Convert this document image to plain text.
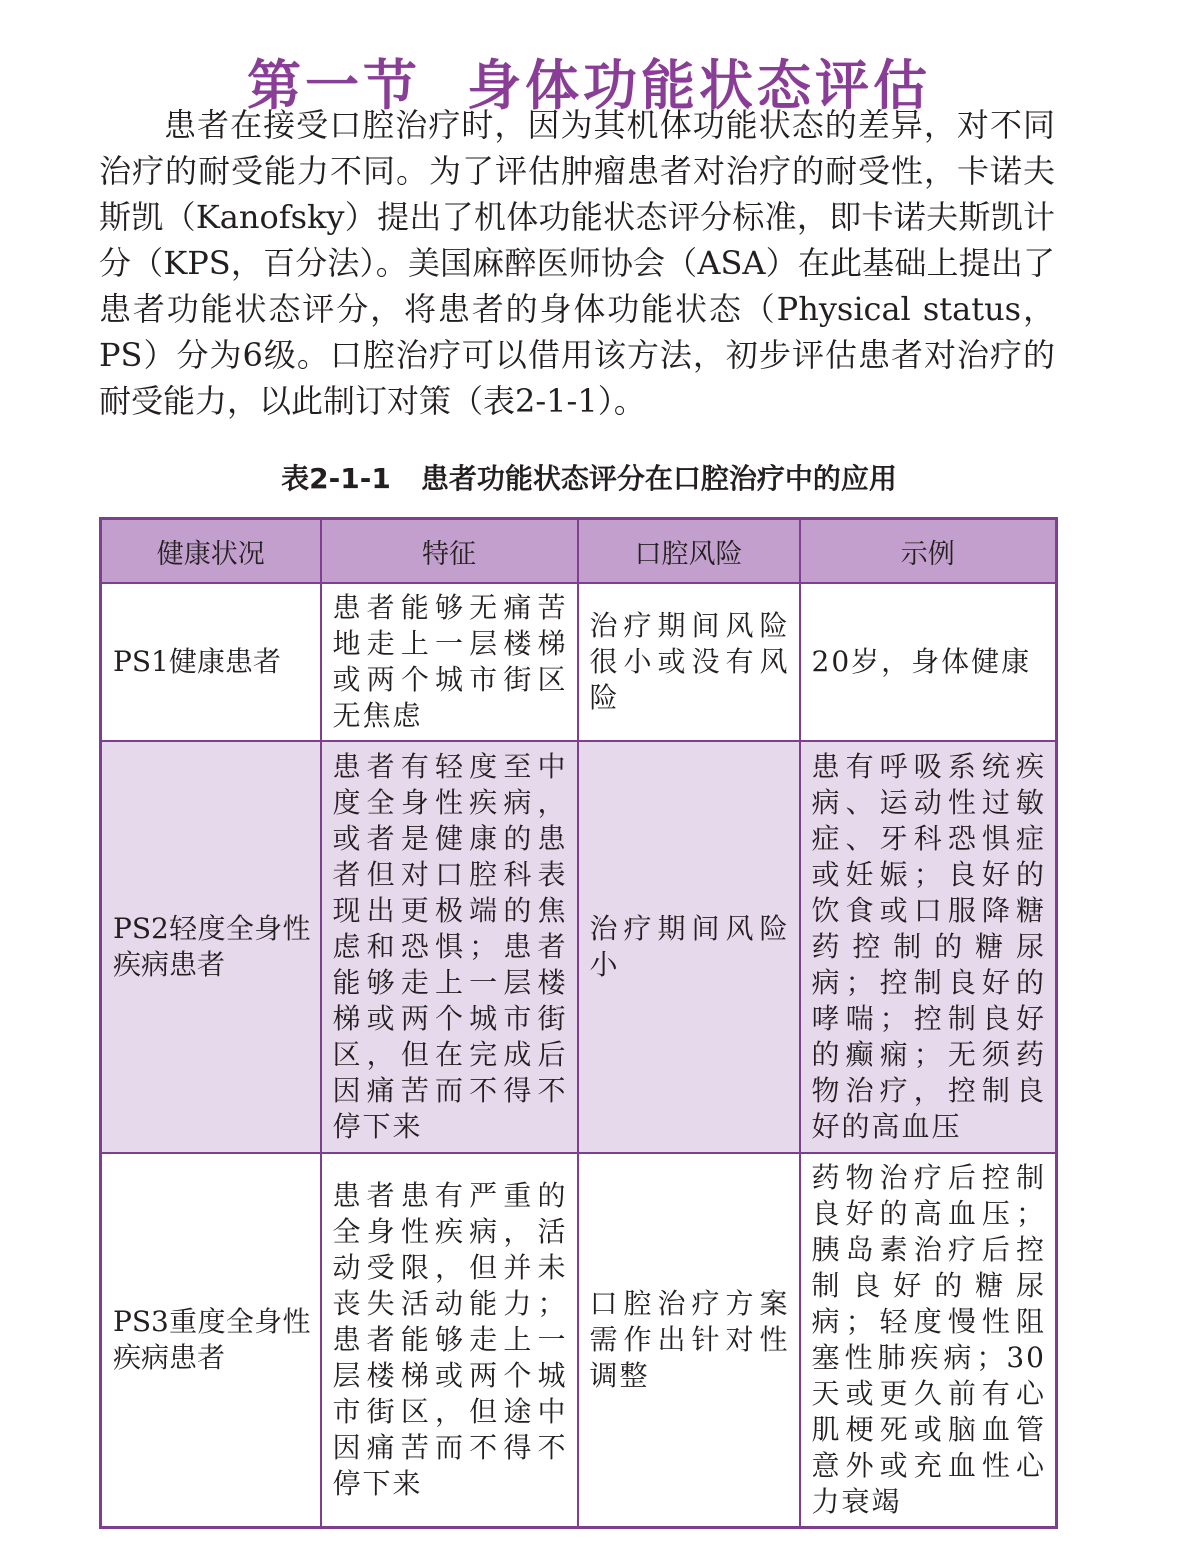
第一节 身体功能状态评估

患者在接受口腔治疗时，因为其机体功能状态的差异，对不同治疗的耐受能力不同。为了评估肿瘤患者对治疗的耐受性，卡诺夫斯凯（Kanofsky）提出了机体功能状态评分标准，即卡诺夫斯凯计分（KPS，百分法）。美国麻醉医师协会（ASA）在此基础上提出了患者功能状态评分，将患者的身体功能状态（Physical status，PS）分为6级。口腔治疗可以借用该方法，初步评估患者对治疗的耐受能力，以此制订对策（表2-1-1）。

表2-1-1 患者功能状态评分在口腔治疗中的应用
健康状况	特征	口腔风险	示例
PS1健康患者	患者能够无痛苦地走上一层楼梯或两个城市街区无焦虑	治疗期间风险很小或没有风险	20岁，身体健康
PS2轻度全身性疾病患者	患者有轻度至中度全身性疾病，或者是健康的患者但对口腔科表现出更极端的焦虑和恐惧；患者能够走上一层楼梯或两个城市街区，但在完成后因痛苦而不得不停下来	治疗期间风险小	患有呼吸系统疾病、运动性过敏症、牙科恐惧症或妊娠；良好的饮食或口服降糖药控制的糖尿病；控制良好的哮喘；控制良好的癫痫；无须药物治疗，控制良好的高血压
PS3重度全身性疾病患者	患者患有严重的全身性疾病，活动受限，但并未丧失活动能力；患者能够走上一层楼梯或两个城市街区，但途中因痛苦而不得不停下来	口腔治疗方案需作出针对性调整	药物治疗后控制良好的高血压；胰岛素治疗后控制良好的糖尿病；轻度慢性阻塞性肺疾病；30天或更久前有心肌梗死或脑血管意外或充血性心力衰竭
